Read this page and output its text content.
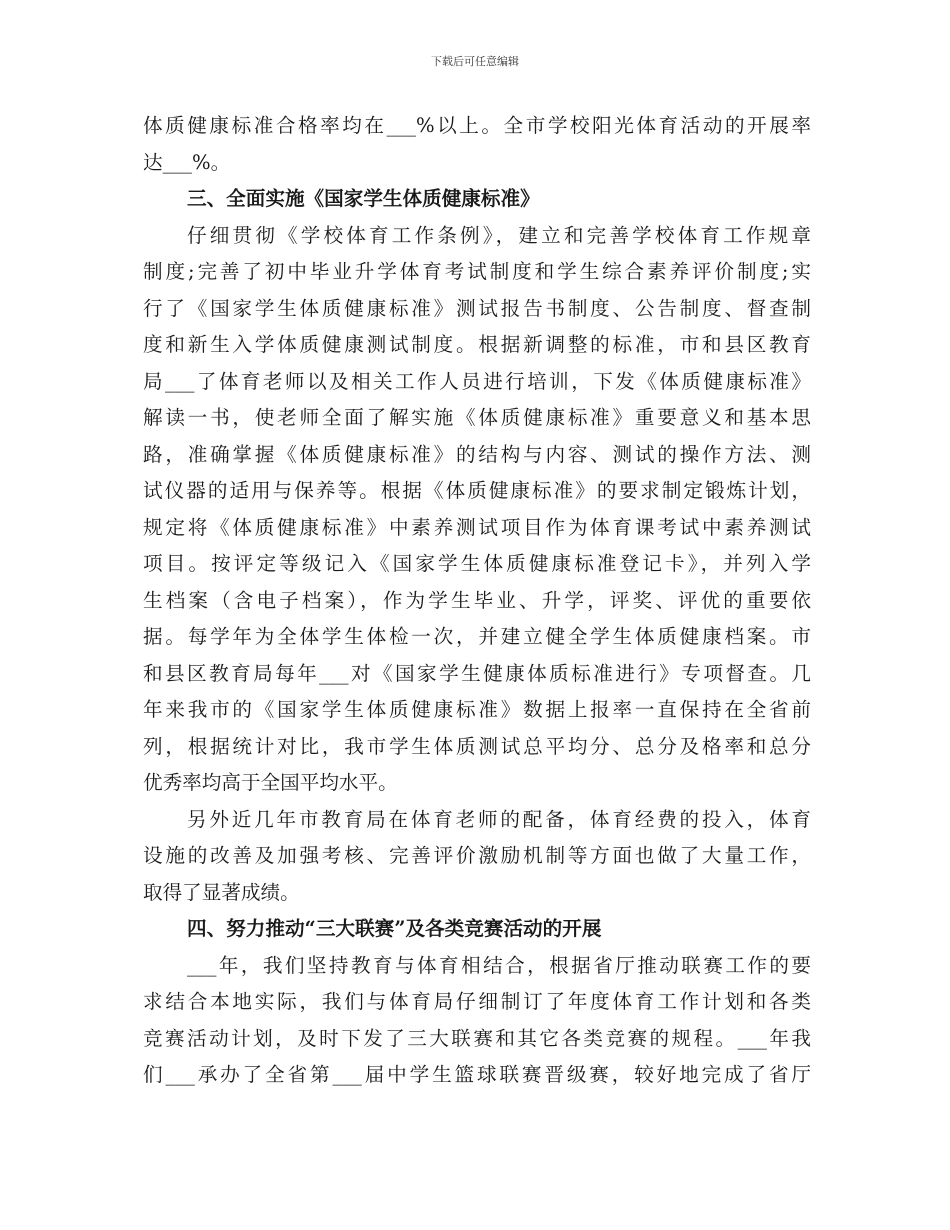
下载后可任意编辑
体质健康标准合格率均在___%以上。全市学校阳光体育活动的开展率
达___%。
三、全面实施《国家学生体质健康标准》
仔细贯彻《学校体育工作条例》，建立和完善学校体育工作规章
制度;完善了初中毕业升学体育考试制度和学生综合素养评价制度;实
行了《国家学生体质健康标准》测试报告书制度、公告制度、督查制
度和新生入学体质健康测试制度。根据新调整的标准，市和县区教育
局___了体育老师以及相关工作人员进行培训，下发《体质健康标准》
解读一书，使老师全面了解实施《体质健康标准》重要意义和基本思
路，准确掌握《体质健康标准》的结构与内容、测试的操作方法、测
试仪器的适用与保养等。根据《体质健康标准》的要求制定锻炼计划，
规定将《体质健康标准》中素养测试项目作为体育课考试中素养测试
项目。按评定等级记入《国家学生体质健康标准登记卡》，并列入学
生档案（含电子档案），作为学生毕业、升学，评奖、评优的重要依
据。每学年为全体学生体检一次，并建立健全学生体质健康档案。市
和县区教育局每年___对《国家学生健康体质标准进行》专项督查。几
年来我市的《国家学生体质健康标准》数据上报率一直保持在全省前
列，根据统计对比，我市学生体质测试总平均分、总分及格率和总分
优秀率均高于全国平均水平。
另外近几年市教育局在体育老师的配备，体育经费的投入，体育
设施的改善及加强考核、完善评价激励机制等方面也做了大量工作，
取得了显著成绩。
四、努力推动“三大联赛”及各类竞赛活动的开展
___年，我们坚持教育与体育相结合，根据省厅推动联赛工作的要
求结合本地实际，我们与体育局仔细制订了年度体育工作计划和各类
竞赛活动计划，及时下发了三大联赛和其它各类竞赛的规程。___年我
们___承办了全省第___届中学生篮球联赛晋级赛，较好地完成了省厅
